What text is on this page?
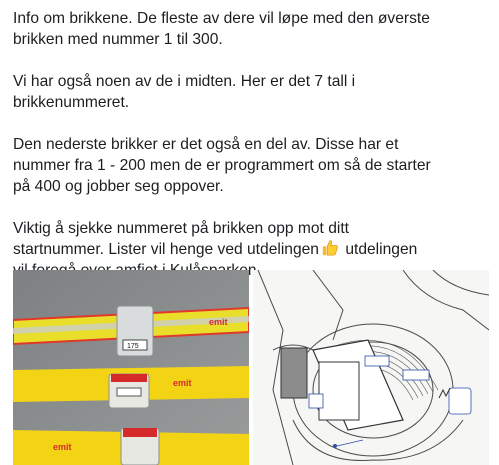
Info om brikkene. De fleste av dere vil løpe med den øverste
brikken med nummer 1 til 300.

Vi har også noen av de i midten. Her er det 7 tall i
brikkenummeret.

Den nederste brikker er det også en del av. Disse har et
nummer fra 1 - 200 men de er programmert om så de starter
på 400 og jobber seg oppover.

Viktig å sjekke nummeret på brikken opp mot ditt
startnummer. Lister vil henge ved utdelingen utdelingen

emit
175
emit
emit
